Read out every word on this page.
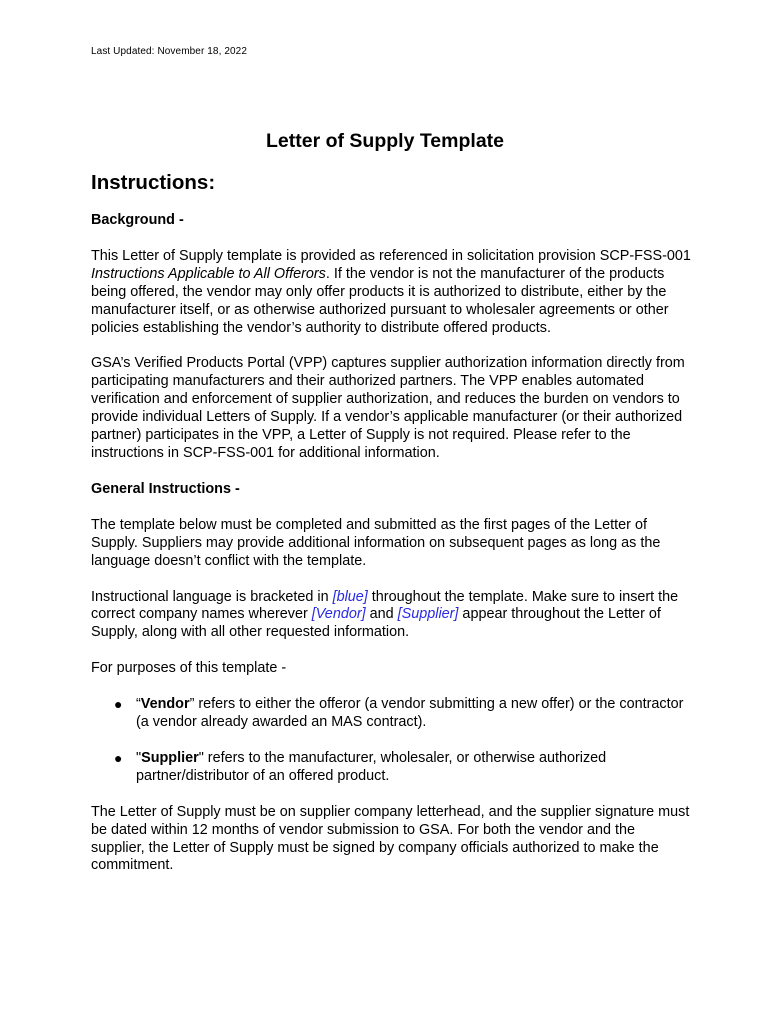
Last Updated: November 18, 2022
Letter of Supply Template
Instructions:

Background -

This Letter of Supply template is provided as referenced in solicitation provision SCP-FSS-001 Instructions Applicable to All Offerors. If the vendor is not the manufacturer of the products being offered, the vendor may only offer products it is authorized to distribute, either by the manufacturer itself, or as otherwise authorized pursuant to wholesaler agreements or other policies establishing the vendor’s authority to distribute offered products.

GSA’s Verified Products Portal (VPP) captures supplier authorization information directly from participating manufacturers and their authorized partners. The VPP enables automated verification and enforcement of supplier authorization, and reduces the burden on vendors to provide individual Letters of Supply. If a vendor’s applicable manufacturer (or their authorized partner) participates in the VPP, a Letter of Supply is not required. Please refer to the instructions in SCP-FSS-001 for additional information.

General Instructions -

The template below must be completed and submitted as the first pages of the Letter of Supply. Suppliers may provide additional information on subsequent pages as long as the language doesn’t conflict with the template.

Instructional language is bracketed in [blue] throughout the template. Make sure to insert the correct company names wherever [Vendor] and [Supplier] appear throughout the Letter of Supply, along with all other requested information.

For purposes of this template -

● “Vendor” refers to either the offeror (a vendor submitting a new offer) or the contractor (a vendor already awarded an MAS contract).
● "Supplier" refers to the manufacturer, wholesaler, or otherwise authorized partner/distributor of an offered product.

The Letter of Supply must be on supplier company letterhead, and the supplier signature must be dated within 12 months of vendor submission to GSA. For both the vendor and the supplier, the Letter of Supply must be signed by company officials authorized to make the commitment.
